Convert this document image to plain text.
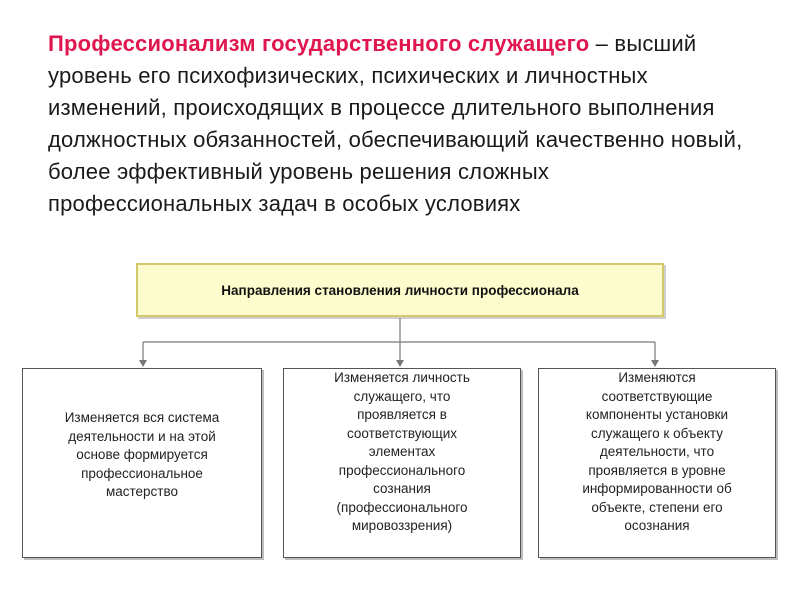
Профессионализм государственного служащего – высший уровень его психофизических, психических и личностных изменений, происходящих в процессе длительного выполнения должностных обязанностей, обеспечивающий качественно новый, более эффективный уровень решения сложных профессиональных задач в особых условиях
Направления становления личности профессионала
Изменяется вся система
деятельности и на этой
основе формируется
профессиональное
мастерство
Изменяется личность
служащего, что
проявляется в
соответствующих
элементах
профессионального
сознания
(профессионального
мировоззрения)
Изменяются
соответствующие
компоненты установки
служащего к объекту
деятельности, что
проявляется в уровне
информированности об
объекте, степени его
осознания
